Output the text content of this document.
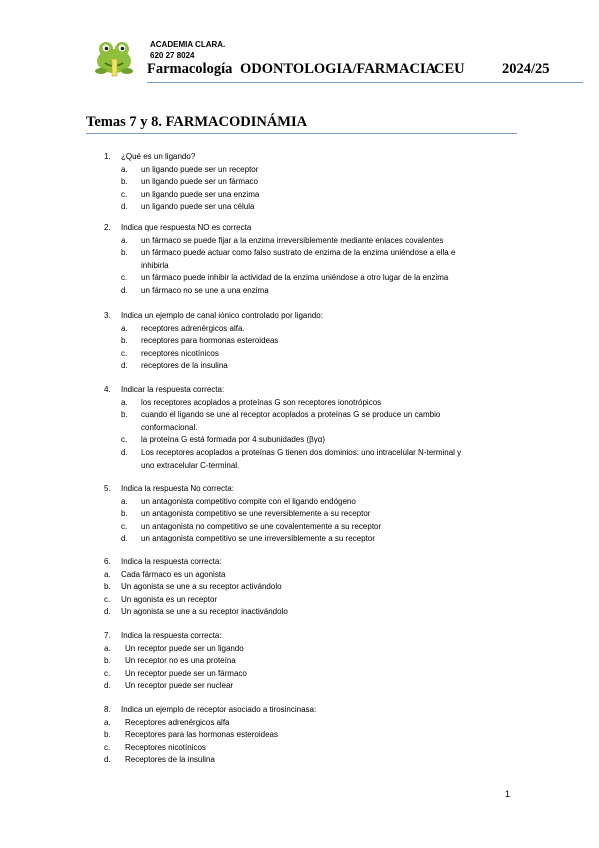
ACADEMIA CLARA.
620 27 8024
Farmacología ODONTOLOGIA/FARMACIA
CEU	2024/25
Temas 7 y 8. FARMACODINÁMIA
1. ¿Qué es un ligando?
a. un ligando puede ser un receptor
b. un ligando puede ser un fármaco
c. un ligando puede ser una enzima
d. un ligando puede ser una célula
2. Indica que respuesta NO es correcta
a. un fármaco se puede fijar a la enzima irreversiblemente mediante enlaces covalentes
b. un fármaco puede actuar como falso sustrato de enzima de la enzima uniéndose a ella e
inhibirla
c. un fármaco puede inhibir la actividad de la enzima uniéndose a otro lugar de la enzima
d. un fármaco no se une a una enzima
3. Indica un ejemplo de canal iónico controlado por ligando:
a. receptores adrenérgicos alfa.
b. receptores para hormonas esteroideas
c. receptores nicotínicos
d. receptores de la insulina
4. Indicar la respuesta correcta:
a. los receptores acoplados a proteínas G son receptores ionotrópicos
b. cuando el ligando se une al receptor acoplados a proteínas G se produce un cambio
conformacional.
c. la proteína G está formada por 4 subunidades (βγα)
d. Los receptores acoplados a proteínas G tienen dos dominios: uno intracelular N-terminal y
uno extracelular C-terminal.
5. Indica la respuesta No correcta:
a. un antagonista competitivo compite con el ligando endógeno
b. un antagonista competitivo se une reversiblemente a su receptor
c. un antagonista no competitivo se une covalentemente a su receptor
d. un antagonista competitivo se une irreversiblemente a su receptor
6. Indica la respuesta correcta:
a. Cada fármaco es un agonista
b. Un agonista se une a su receptor activándolo
c. Un agonista es un receptor
d. Un agonista se une a su receptor inactivándolo
7. Indica la respuesta correcta:
a. Un receptor puede ser un ligando
b. Un receptor no es una proteína
c. Un receptor puede ser un fármaco
d. Un receptor puede ser nuclear
8. Indica un ejemplo de receptor asociado a tirosincinasa:
a. Receptores adrenérgicos alfa
b. Receptores para las hormonas esteroideas
c. Receptores nicotínicos
d. Receptores de la insulina
1
